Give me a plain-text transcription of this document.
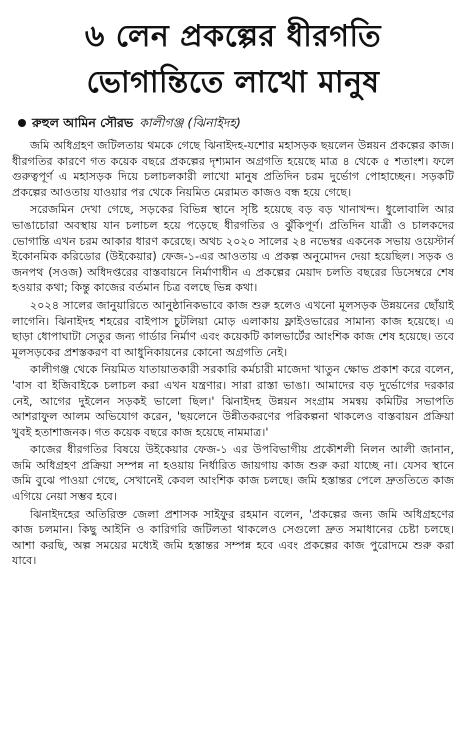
৬ লেন প্রকল্পের ধীরগতি
ভোগান্তিতে লাখো মানুষ
রুহুল আমিন সৌরভ কালীগঞ্জ (ঝিনাইদহ)

জমি অধিগ্রহণ জটিলতায় থমকে গেছে ঝিনাইদহ-যশোর মহাসড়ক ছয়লেন উন্নয়ন প্রকল্পের কাজ। ধীরগতির কারণে গত কয়েক বছরে প্রকল্পের দৃশ্যমান অগ্রগতি হয়েছে মাত্র ৪ থেকে ৫ শতাংশ। ফলে গুরুত্বপূর্ণ এ মহাসড়ক দিয়ে চলাচলকারী লাখো মানুষ প্রতিদিন চরম দুর্ভোগ পোহাচ্ছেন। সড়কটি প্রকল্পের আওতায় যাওয়ার পর থেকে নিয়মিত মেরামত কাজও বন্ধ হয়ে গেছে।

সরেজমিন দেখা গেছে, সড়কের বিভিন্ন স্থানে সৃষ্টি হয়েছে বড় বড় খানাখন্দ। ধুলোবালি আর ভাঙাচোরা অবস্থায় যান চলাচল হয়ে পড়েছে ধীরগতির ও ঝুঁকিপূর্ণ। প্রতিদিন যাত্রী ও চালকদের ভোগান্তি এখন চরম আকার ধারণ করেছে। অথচ ২০২০ সালের ২৪ নভেম্বর একনেক সভায় ওয়েস্টার্ন ইকোনমিক করিডোর (উইকেয়ার) ফেজ-১-এর আওতায় এ প্রকল্প অনুমোদন দেয়া হয়েছিল। সড়ক ও জনপথ (সওজ) অধিদপ্তরের বাস্তবায়নে নির্মাণাধীন এ প্রকল্পের মেয়াদ চলতি বছরের ডিসেম্বরে শেষ হওয়ার কথা; কিন্তু কাজের বর্তমান চিত্র বলছে ভিন্ন কথা।

২০২৪ সালের জানুয়ারিতে আনুষ্ঠানিকভাবে কাজ শুরু হলেও এখনো মূলসড়ক উন্নয়নের ছোঁয়াই লাগেনি। ঝিনাইদহ শহরের বাইপাস চুটলিয়া মোড় এলাকায় ফ্লাইওভারের সামান্য কাজ হয়েছে। এ ছাড়া ধোপাঘাটা সেতুর জন্য গার্ডার নির্মাণ এবং কয়েকটি কালভার্টের আংশিক কাজ শেষ হয়েছে। তবে মূলসড়কের প্রশস্তকরণ বা আধুনিকায়নের কোনো অগ্রগতি নেই।

কালীগঞ্জ থেকে নিয়মিত যাতায়াতকারী সরকারি কর্মচারী মাজেদা খাতুন ক্ষোভ প্রকাশ করে বলেন, 'বাস বা ইজিবাইকে চলাচল করা এখন যন্ত্রণার। সারা রাস্তা ভাঙা। আমাদের বড় দুর্ভোগের দরকার নেই, আগের দুইলেন সড়কই ভালো ছিল।' ঝিনাইদহ উন্নয়ন সংগ্রাম সমন্বয় কমিটির সভাপতি আশরাফুল আলম অভিযোগ করেন, 'ছয়লেনে উন্নীতকরণের পরিকল্পনা থাকলেও বাস্তবায়ন প্রক্রিয়া খুবই হতাশাজনক। গত কয়েক বছরে কাজ হয়েছে নামমাত্র।'

কাজের ধীরগতির বিষয়ে উইকেয়ার ফেজ-১ এর উপবিভাগীয় প্রকৌশলী নিলন আলী জানান, জমি অধিগ্রহণ প্রক্রিয়া সম্পন্ন না হওয়ায় নির্ধারিত জায়গায় কাজ শুরু করা যাচ্ছে না। যেসব স্থানে জমি বুঝে পাওয়া গেছে, সেখানেই কেবল আংশিক কাজ চলছে। জমি হস্তান্তর পেলে দ্রুততিতে কাজ এগিয়ে নেয়া সম্ভব হবে।

ঝিনাইদহের অতিরিক্ত জেলা প্রশাসক সাইফুর রহমান বলেন, 'প্রকল্পের জন্য জমি অধিগ্রহণের কাজ চলমান। কিছু আইনি ও কারিগরি জটিলতা থাকলেও সেগুলো দ্রুত সমাধানের চেষ্টা চলছে। আশা করছি, অল্প সময়ের মধ্যেই জমি হস্তান্তর সম্পন্ন হবে এবং প্রকল্পের কাজ পুরোদমে শুরু করা যাবে।
